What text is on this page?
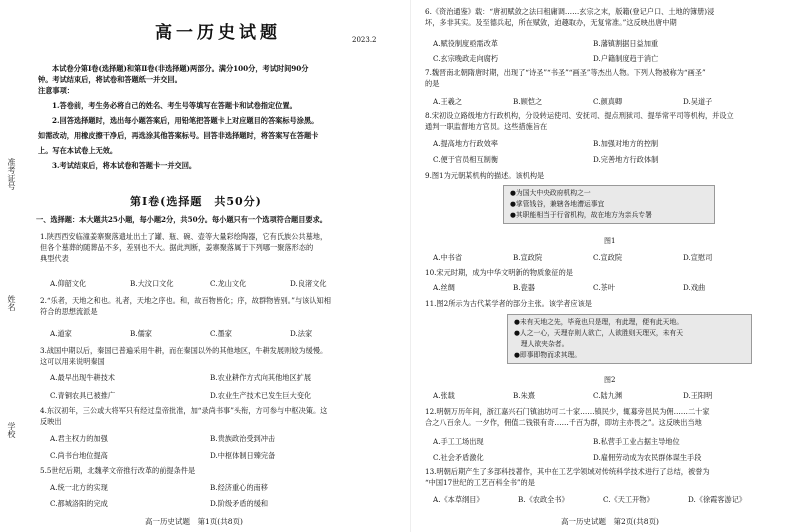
准考证号
姓名
学校
高一历史试题	2023.2
本试卷分第Ⅰ卷(选择题)和第Ⅱ卷(非选择题)两部分。满分100分，考试时间90分
钟。考试结束后，将试卷和答题纸一并交回。
注意事项：
1.答卷前，考生务必将自己的姓名、考生号等填写在答题卡和试卷指定位置。
2.回答选择题时，选出每小题答案后，用铅笔把答题卡上对应题目的答案标号涂黑。
如需改动，用橡皮擦干净后，再选涂其他答案标号。回答非选择题时，将答案写在答题卡
上。写在本试卷上无效。
3.考试结束后，将本试卷和答题卡一并交回。
第Ⅰ卷(选择题　共50分)
一、选择题：本大题共25小题，每小题2分，共50分。每小题只有一个选项符合题目要求。
1.陕西西安临潼姜寨聚落遗址出土了罐、瓶、碗、壶等大量彩绘陶器，它有氏族公共墓地，
但各个墓葬的随葬品不多，差别也不大。据此判断，姜寨聚落属于下列哪一聚落形态的
典型代表
A.仰韶文化	B.大汶口文化	C.龙山文化	D.良渚文化
2.“乐者，天地之和也。礼者，天地之序也。和，故百物皆化；序，故群物皆别。”与该认知相
符合的思想流派是
A.道家	B.儒家	C.墨家	D.法家
3.战国中期以后，秦国已普遍采用牛耕，而在秦国以外的其他地区，牛耕发展则较为缓慢。
这可以用来说明秦国
A.最早出现牛耕技术	B.农业耕作方式向其他地区扩展
C.青铜农具已被推广	D.农业生产技术已发生巨大变化
4.东汉初年，三公或大将军只有经过皇帝批准，加“录尚书事”头衔，方可参与中枢决策。这
反映出
A.君主权力的加强	B.贵族政治受到冲击
C.尚书台地位提高	D.中枢体制日臻完备
5.5世纪后期，北魏孝文帝推行改革的前提条件是
A.统一北方的实现	B.经济重心的南移
C.都城洛阳的完成	D.阶级矛盾的缓和
高一历史试题　第1页(共8页)
6.《资治通鉴》载：“唐初赋敛之法曰租庸调……玄宗之末，版籍(登记户口、土地的簿册)浸
坏，多非其实。及至德兵起，所在赋敛，迫趣取办，无复常准。”这反映出唐中期
A.赋役制度亟需改革	B.藩镇割据日益加重
C.玄宗晚政走向腐朽	D.户籍制度趋于消亡
7.魏晋南北朝隋唐时期，出现了“诗圣”“书圣”“画圣”等杰出人物。下列人物被称为“画圣”
的是
A.王羲之	B.顾恺之	C.颜真卿	D.吴道子
8.宋初设立路级地方行政机构，分设转运使司、安抚司、提点刑狱司、提举常平司等机构，并设立
通判一职监督地方官员。这些措施旨在
A.提高地方行政效率	B.加强对地方的控制
C.便于官员相互制衡	D.完善地方行政体制
9.图1为元朝某机构的描述。该机构是
●为国大中央政府机构之一
●掌管钱谷，兼辖各地漕运事宜
●其职能相当于行省机构，故在地方为亲兵专署
图1
A.中书省	B.宣政院	C.宣政院	D.宣慰司
10.宋元时期，成为中华文明新的物质象征的是
A.丝绸	B.瓷器	C.茶叶	D.戏曲
11.图2所示为古代某学者的部分主张。该学者应该是
●未有天地之先，毕竟也只是理，有此理，便有此天地。
●人之一心，天理存则人欲亡，人欲胜则天理灭，未有天
　理人欲夹杂者。
●即事即物而求其理。
图2
A.张载	B.朱熹	C.陆九渊	D.王阳明
12.明朝万历年间，浙江嘉兴石门镇油坊可二十家……镇民少，辄募旁邑民为佣……二十家
合之八百余人。一夕作，佣值二钱银有奇……千百为群，即坊主亦畏之”。这反映出当地
A.手工工场出现	B.私营手工业占据主导地位
C.社会矛盾激化	D.雇佣劳动成为农民群体谋生手段
13.明朝后期产生了多部科技著作，其中在工艺学领域对传统科学技术进行了总结，被誉为
“中国17世纪的工艺百科全书”的是
A.《本草纲目》	B.《农政全书》	C.《天工开物》	D.《徐霞客游记》
高一历史试题　第2页(共8页)
